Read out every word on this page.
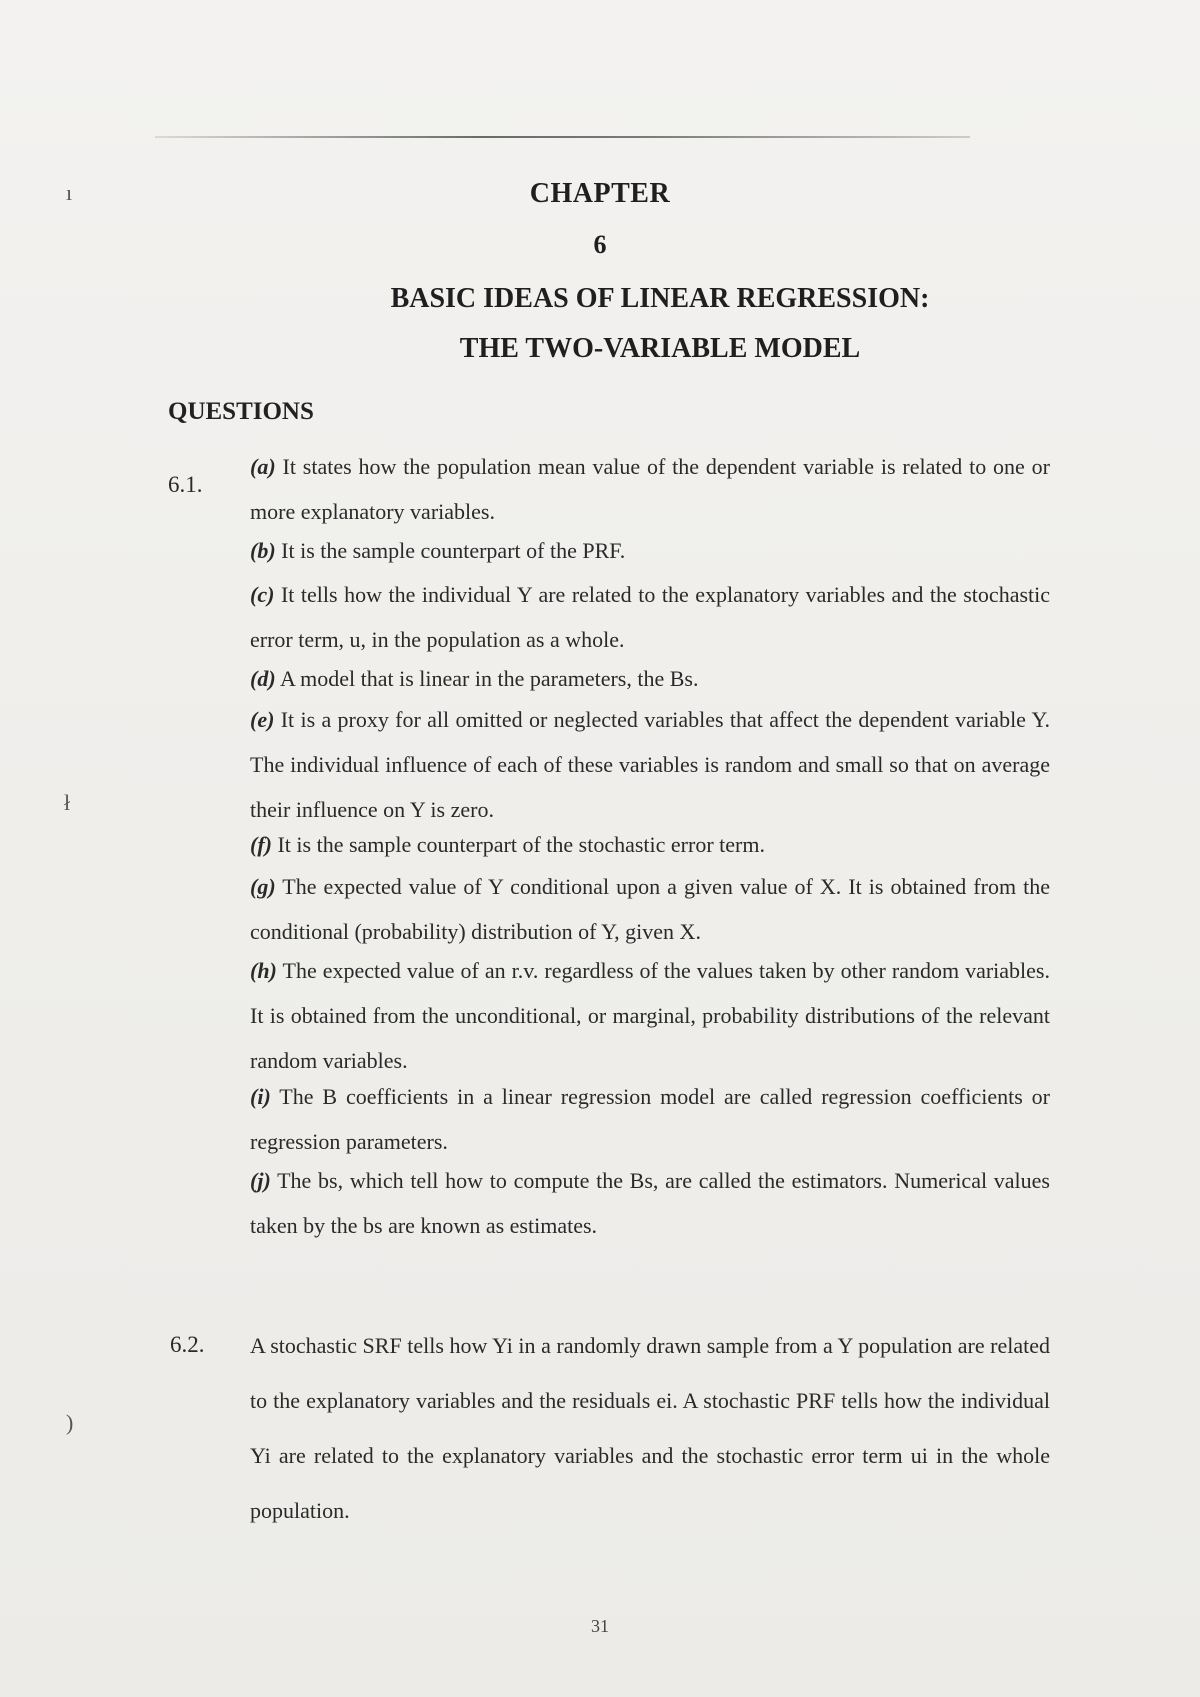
ı
ł
)
CHAPTER
6
BASIC IDEAS OF LINEAR REGRESSION:
THE TWO-VARIABLE MODEL
QUESTIONS
6.1.
(a) It states how the population mean value of the dependent variable is related to one or more explanatory variables.
(b) It is the sample counterpart of the PRF.
(c) It tells how the individual Y are related to the explanatory variables and the stochastic error term, u, in the population as a whole.
(d) A model that is linear in the parameters, the Bs.
(e) It is a proxy for all omitted or neglected variables that affect the dependent variable Y. The individual influence of each of these variables is random and small so that on average their influence on Y is zero.
(f) It is the sample counterpart of the stochastic error term.
(g) The expected value of Y conditional upon a given value of X. It is obtained from the conditional (probability) distribution of Y, given X.
(h) The expected value of an r.v. regardless of the values taken by other random variables. It is obtained from the unconditional, or marginal, probability distributions of the relevant random variables.
(i) The B coefficients in a linear regression model are called regression coefficients or regression parameters.
(j) The bs, which tell how to compute the Bs, are called the estimators. Numerical values taken by the bs are known as estimates.
6.2. A stochastic SRF tells how Yi in a randomly drawn sample from a Y population are related to the explanatory variables and the residuals ei. A stochastic PRF tells how the individual Yi are related to the explanatory variables and the stochastic error term ui in the whole population.
31
